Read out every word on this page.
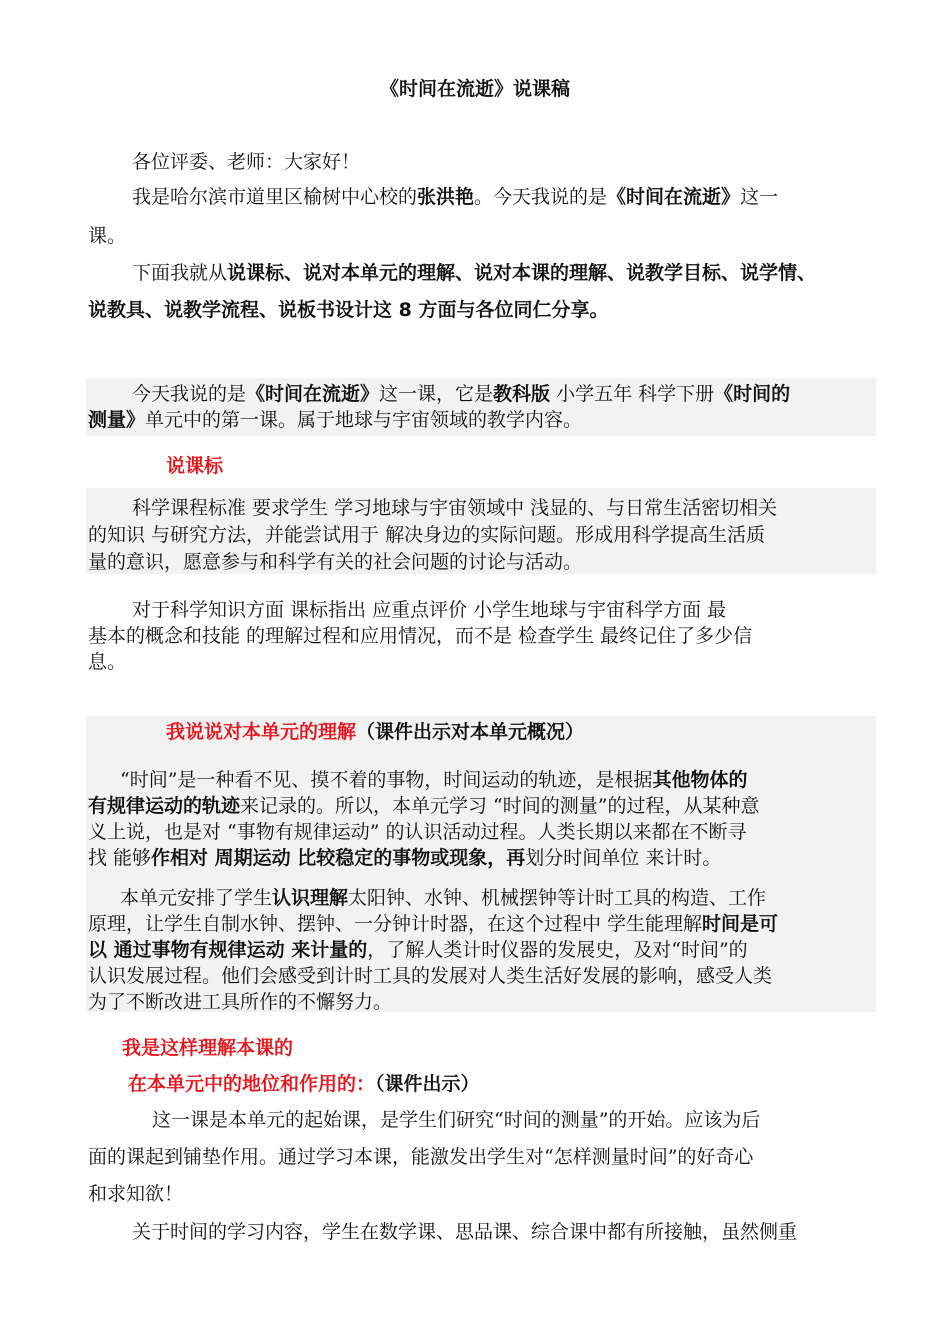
《时间在流逝》说课稿
各位评委、老师：大家好！
我是哈尔滨市道里区榆树中心校的张洪艳。今天我说的是《时间在流逝》这一
课。
下面我就从说课标、说对本单元的理解、说对本课的理解、说教学目标、说学情、
说教具、说教学流程、说板书设计这 8 方面与各位同仁分享。
今天我说的是《时间在流逝》这一课，它是教科版 小学五年 科学下册《时间的
测量》单元中的第一课。属于地球与宇宙领域的教学内容。
说课标
科学课程标准 要求学生 学习地球与宇宙领域中 浅显的、与日常生活密切相关
的知识 与研究方法，并能尝试用于 解决身边的实际问题。形成用科学提高生活质
量的意识，愿意参与和科学有关的社会问题的讨论与活动。
对于科学知识方面 课标指出 应重点评价 小学生地球与宇宙科学方面 最
基本的概念和技能 的理解过程和应用情况，而不是 检查学生 最终记住了多少信
息。
我说说对本单元的理解（课件出示对本单元概况）
“时间”是一种看不见、摸不着的事物，时间运动的轨迹，是根据其他物体的
有规律运动的轨迹来记录的。所以，本单元学习 “时间的测量”的过程，从某种意
义上说，也是对 “事物有规律运动” 的认识活动过程。人类长期以来都在不断寻
找 能够作相对 周期运动 比较稳定的事物或现象，再划分时间单位 来计时。
本单元安排了学生认识理解太阳钟、水钟、机械摆钟等计时工具的构造、工作
原理，让学生自制水钟、摆钟、一分钟计时器，在这个过程中 学生能理解时间是可
以 通过事物有规律运动 来计量的，了解人类计时仪器的发展史，及对“时间”的
认识发展过程。他们会感受到计时工具的发展对人类生活好发展的影响，感受人类
为了不断改进工具所作的不懈努力。
我是这样理解本课的
在本单元中的地位和作用的：（课件出示）
这一课是本单元的起始课，是学生们研究“时间的测量”的开始。应该为后
面的课起到铺垫作用。通过学习本课，能激发出学生对“怎样测量时间”的好奇心
和求知欲！
关于时间的学习内容，学生在数学课、思品课、综合课中都有所接触，虽然侧重
